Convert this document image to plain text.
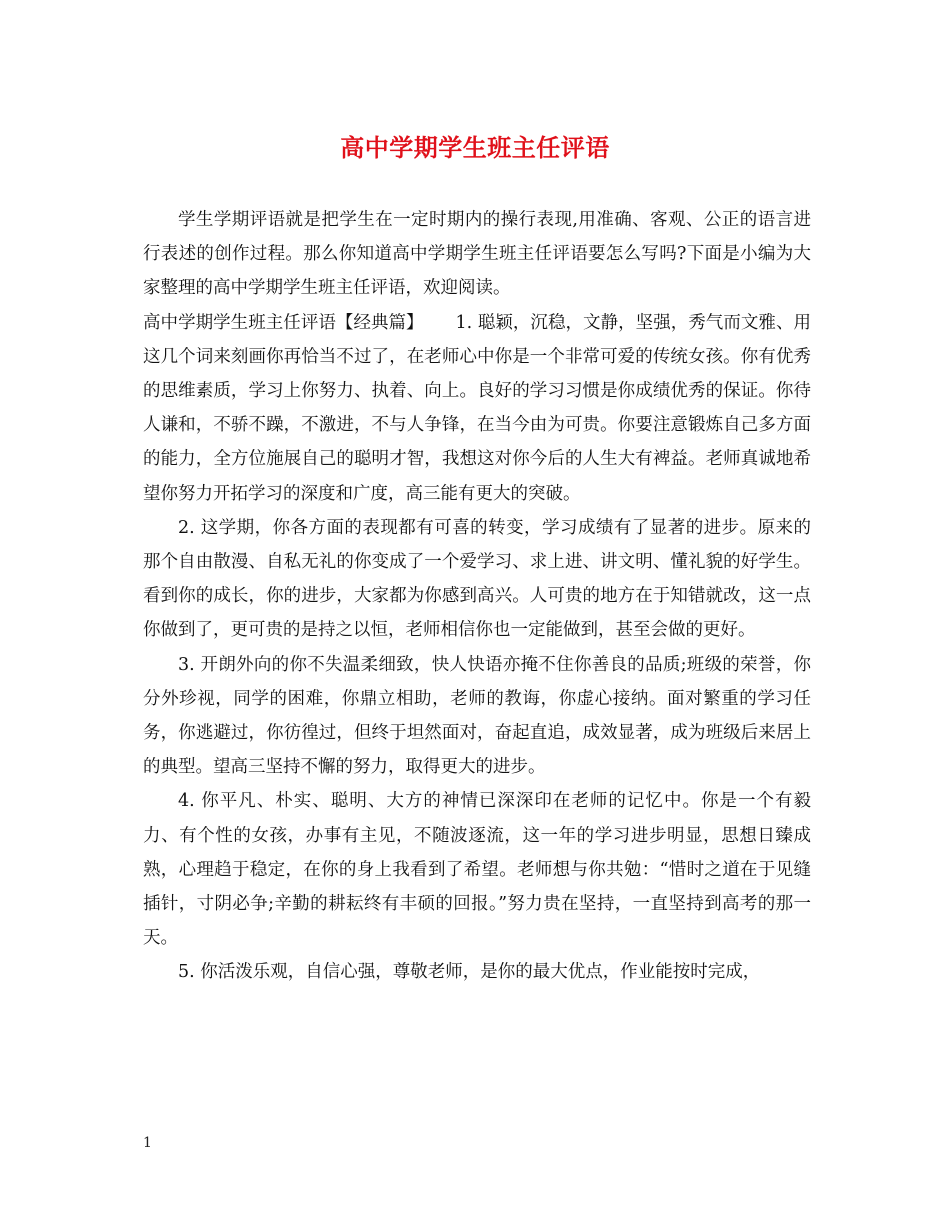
高中学期学生班主任评语

学生学期评语就是把学生在一定时期内的操行表现,用准确、客观、公正的语言进行表述的创作过程。那么你知道高中学期学生班主任评语要怎么写吗?下面是小编为大家整理的高中学期学生班主任评语，欢迎阅读。

高中学期学生班主任评语【经典篇】　　 1. 聪颖，沉稳，文静，坚强，秀气而文雅、用这几个词来刻画你再恰当不过了，在老师心中你是一个非常可爱的传统女孩。你有优秀的思维素质，学习上你努力、执着、向上。良好的学习习惯是你成绩优秀的保证。你待人谦和，不骄不躁，不激进，不与人争锋，在当今由为可贵。你要注意锻炼自己多方面的能力，全方位施展自己的聪明才智，我想这对你今后的人生大有裨益。老师真诚地希望你努力开拓学习的深度和广度，高三能有更大的突破。

2. 这学期，你各方面的表现都有可喜的转变，学习成绩有了显著的进步。原来的那个自由散漫、自私无礼的你变成了一个爱学习、求上进、讲文明、懂礼貌的好学生。看到你的成长，你的进步，大家都为你感到高兴。人可贵的地方在于知错就改，这一点你做到了，更可贵的是持之以恒，老师相信你也一定能做到，甚至会做的更好。

3. 开朗外向的你不失温柔细致，快人快语亦掩不住你善良的品质;班级的荣誉，你分外珍视，同学的困难，你鼎立相助，老师的教诲，你虚心接纳。面对繁重的学习任务，你逃避过，你彷徨过，但终于坦然面对，奋起直追，成效显著，成为班级后来居上的典型。望高三坚持不懈的努力，取得更大的进步。

4. 你平凡、朴实、聪明、大方的神情已深深印在老师的记忆中。你是一个有毅力、有个性的女孩，办事有主见，不随波逐流，这一年的学习进步明显，思想日臻成熟，心理趋于稳定，在你的身上我看到了希望。老师想与你共勉：“惜时之道在于见缝插针，寸阴必争;辛勤的耕耘终有丰硕的回报。”努力贵在坚持，一直坚持到高考的那一天。

5. 你活泼乐观，自信心强，尊敬老师，是你的最大优点，作业能按时完成，

1
